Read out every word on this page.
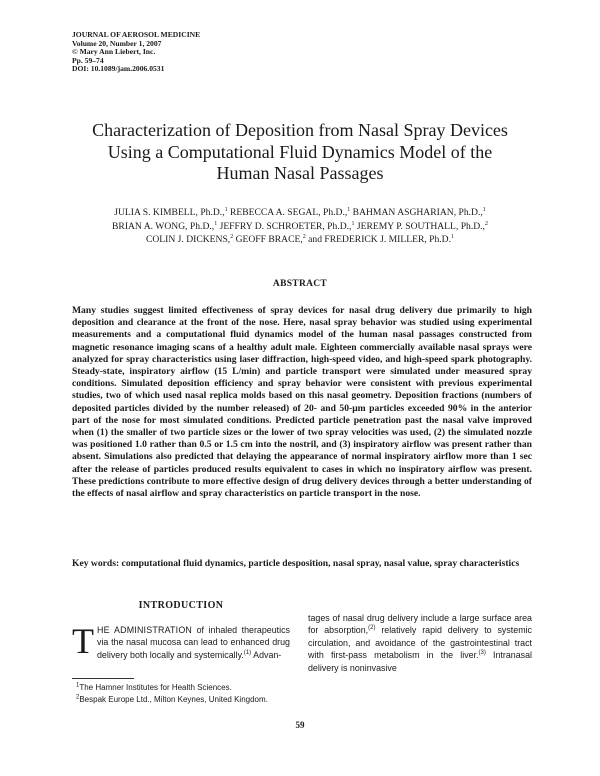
JOURNAL OF AEROSOL MEDICINE
Volume 20, Number 1, 2007
© Mary Ann Liebert, Inc.
Pp. 59–74
DOI: 10.1089/jam.2006.0531
Characterization of Deposition from Nasal Spray Devices
Using a Computational Fluid Dynamics Model of the
Human Nasal Passages
JULIA S. KIMBELL, Ph.D.,$^1$ REBECCA A. SEGAL, Ph.D.,$^1$ BAHMAN ASGHARIAN, Ph.D.,$^1$
BRIAN A. WONG, Ph.D.,$^1$ JEFFRY D. SCHROETER, Ph.D.,$^1$ JEREMY P. SOUTHALL, Ph.D.,$^2$
COLIN J. DICKENS,$^2$ GEOFF BRACE,$^2$ and FREDERICK J. MILLER, Ph.D.$^1$
ABSTRACT

Many studies suggest limited effectiveness of spray devices for nasal drug delivery due primarily to high deposition and clearance at the front of the nose. Here, nasal spray behavior was studied using experimental measurements and a computational fluid dynamics model of the human nasal passages constructed from magnetic resonance imaging scans of a healthy adult male. Eighteen commercially available nasal sprays were analyzed for spray characteristics using laser diffraction, high-speed video, and high-speed spark photography. Steady-state, inspiratory airflow (15 L/min) and particle transport were simulated under measured spray conditions. Simulated deposition efficiency and spray behavior were consistent with previous experimental studies, two of which used nasal replica molds based on this nasal geometry. Deposition fractions (numbers of deposited particles divided by the number released) of 20- and 50-μm particles exceeded 90% in the anterior part of the nose for most simulated conditions. Predicted particle penetration past the nasal valve improved when (1) the smaller of two particle sizes or the lower of two spray velocities was used, (2) the simulated nozzle was positioned 1.0 rather than 0.5 or 1.5 cm into the nostril, and (3) inspiratory airflow was present rather than absent. Simulations also predicted that delaying the appearance of normal inspiratory airflow more than 1 sec after the release of particles produced results equivalent to cases in which no inspiratory airflow was present. These predictions contribute to more effective design of drug delivery devices through a better understanding of the effects of nasal airflow and spray characteristics on particle transport in the nose.

Key words: computational fluid dynamics, particle desposition, nasal spray, nasal value, spray characteristics

INTRODUCTION

THE ADMINISTRATION of inhaled therapeutics via the nasal mucosa can lead to enhanced drug delivery both locally and systemically.$^{(1)}$ Advan-

tages of nasal drug delivery include a large surface area for absorption,$^{(2)}$ relatively rapid delivery to systemic circulation, and avoidance of the gastrointestinal tract with first-pass metabolism in the liver.$^{(3)}$ Intranasal delivery is noninvasive

$^1$The Hamner Institutes for Health Sciences.
$^2$Bespak Europe Ltd., Milton Keynes, United Kingdom.
59
